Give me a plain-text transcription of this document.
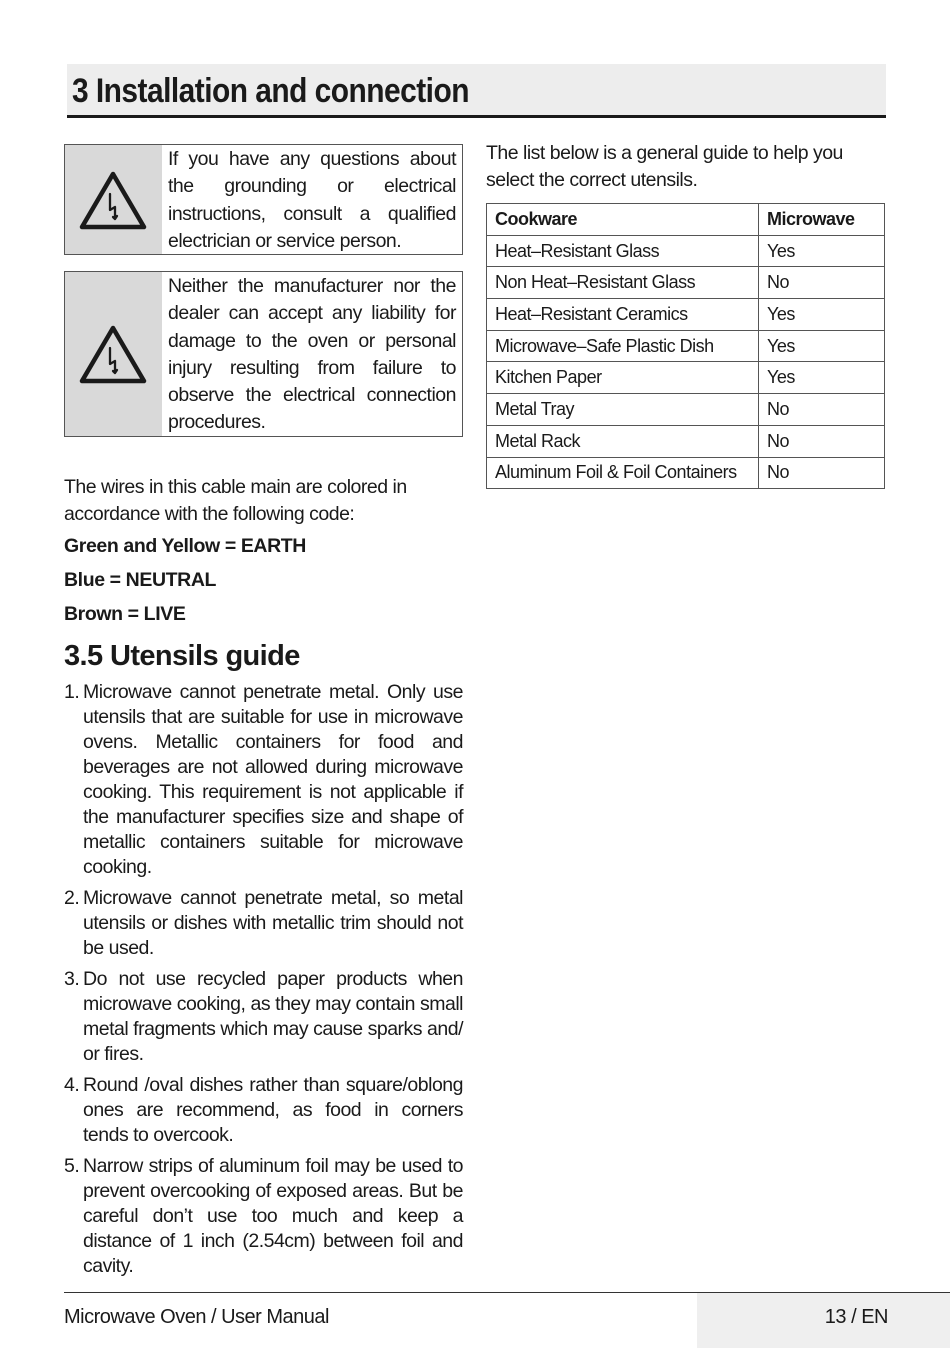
3 Installation and connection
If you have any questions about the grounding or electrical instructions, consult a qualified electrician or service person.
Neither the manufacturer nor the dealer can accept any liability for damage to the oven or personal injury resulting from failure to observe the electrical connection procedures.
The wires in this cable main are colored in accordance with the following code:
Green and Yellow = EARTH
Blue = NEUTRAL
Brown = LIVE
3.5 Utensils guide
1. Microwave cannot penetrate metal. Only use utensils that are suitable for use in microwave ovens. Metallic containers for food and beverages are not allowed during microwave cooking. This requirement is not applicable if the manufacturer specifies size and shape of metallic containers suitable for microwave cooking.
2. Microwave cannot penetrate metal, so metal utensils or dishes with metallic trim should not be used.
3. Do not use recycled paper products when microwave cooking, as they may contain small metal fragments which may cause sparks and/ or fires.
4. Round /oval dishes rather than square/oblong ones are recommend, as food in corners tends to overcook.
5. Narrow strips of aluminum foil may be used to prevent overcooking of exposed areas. But be careful don’t use too much and keep a distance of 1 inch (2.54cm) between foil and cavity.
The list below is a general guide to help you select the correct utensils.
Cookware	Microwave
Heat–Resistant Glass	Yes
Non Heat–Resistant Glass	No
Heat–Resistant Ceramics	Yes
Microwave–Safe Plastic Dish	Yes
Kitchen Paper	Yes
Metal Tray	No
Metal Rack	No
Aluminum Foil & Foil Containers	No
Microwave Oven / User Manual	13 / EN
